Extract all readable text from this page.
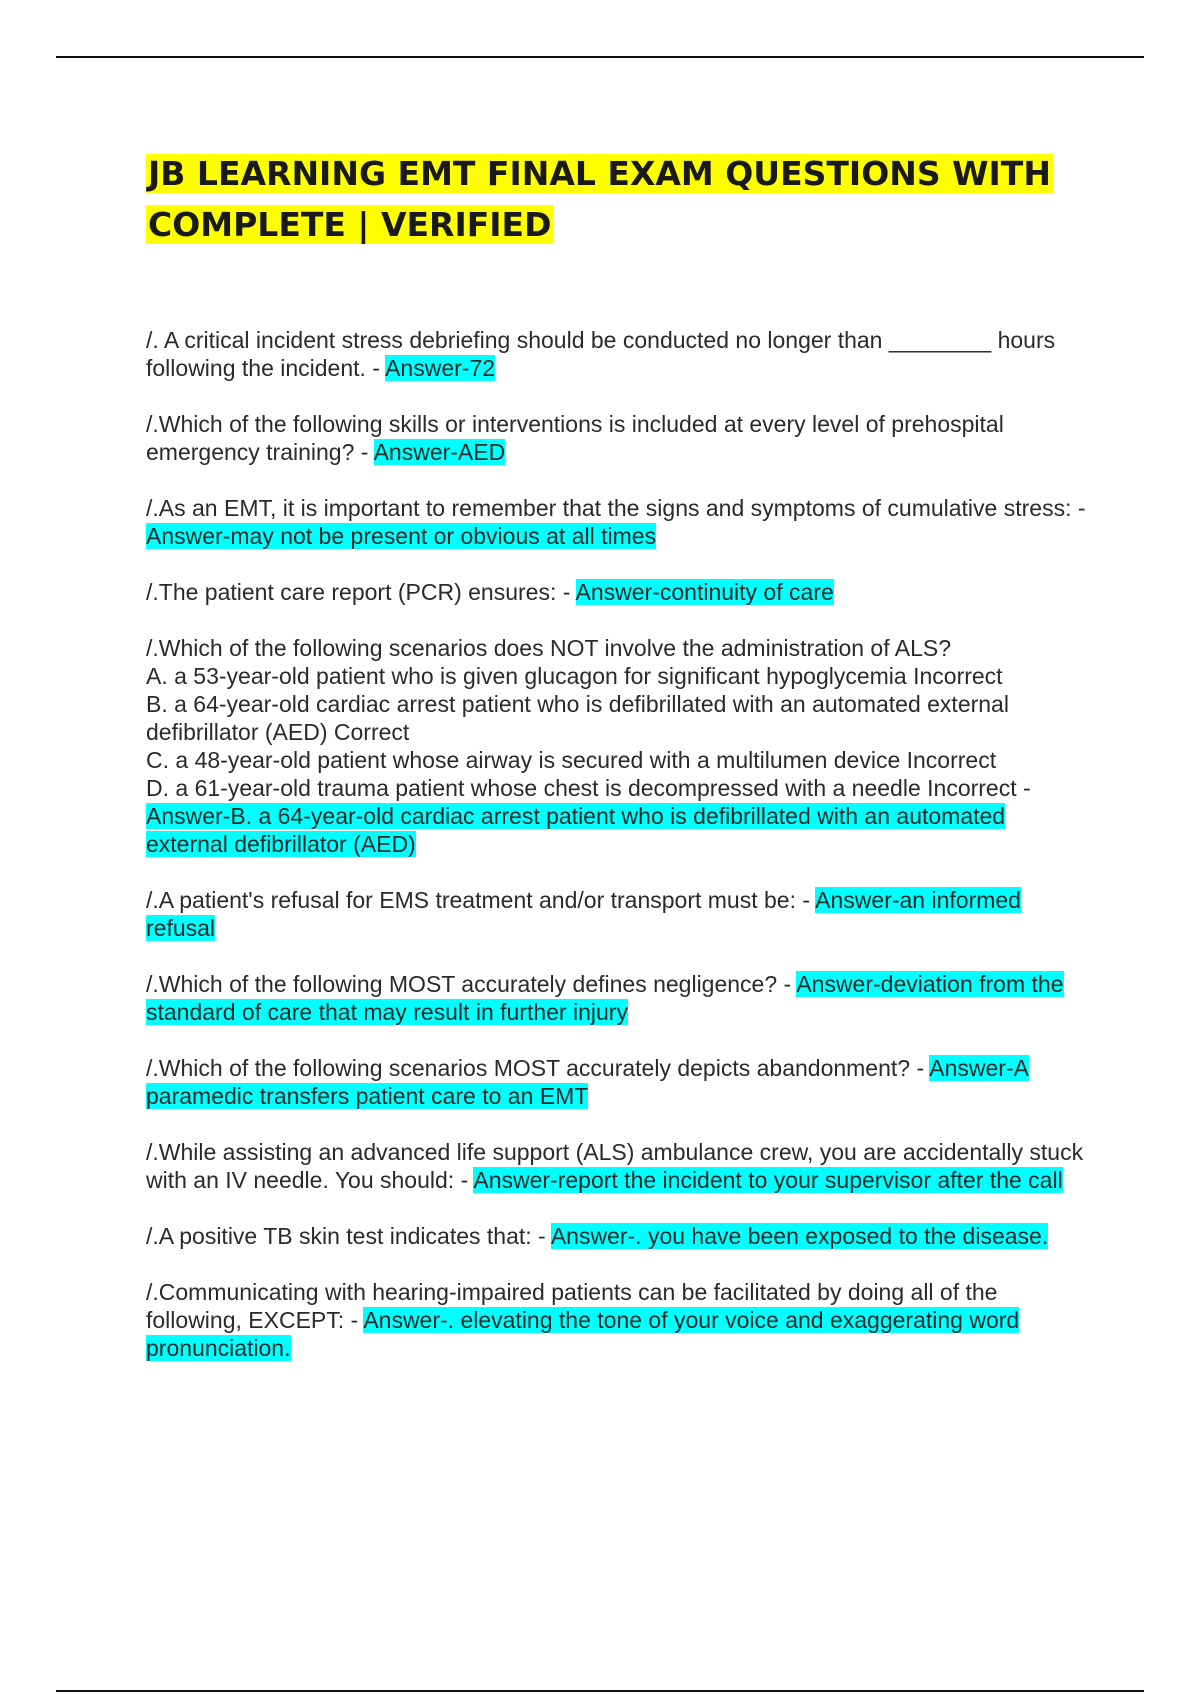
JB LEARNING EMT FINAL EXAM QUESTIONS WITH COMPLETE | VERIFIED

/. A critical incident stress debriefing should be conducted no longer than ________ hours following the incident. - Answer-72

/.Which of the following skills or interventions is included at every level of prehospital emergency training? - Answer-AED

/.As an EMT, it is important to remember that the signs and symptoms of cumulative stress: - Answer-may not be present or obvious at all times

/.The patient care report (PCR) ensures: - Answer-continuity of care

/.Which of the following scenarios does NOT involve the administration of ALS?
A. a 53-year-old patient who is given glucagon for significant hypoglycemia Incorrect
B. a 64-year-old cardiac arrest patient who is defibrillated with an automated external defibrillator (AED) Correct
C. a 48-year-old patient whose airway is secured with a multilumen device Incorrect
D. a 61-year-old trauma patient whose chest is decompressed with a needle Incorrect - Answer-B. a 64-year-old cardiac arrest patient who is defibrillated with an automated external defibrillator (AED)

/.A patient's refusal for EMS treatment and/or transport must be: - Answer-an informed refusal

/.Which of the following MOST accurately defines negligence? - Answer-deviation from the standard of care that may result in further injury

/.Which of the following scenarios MOST accurately depicts abandonment? - Answer-A paramedic transfers patient care to an EMT

/.While assisting an advanced life support (ALS) ambulance crew, you are accidentally stuck with an IV needle. You should: - Answer-report the incident to your supervisor after the call

/.A positive TB skin test indicates that: - Answer-. you have been exposed to the disease.

/.Communicating with hearing-impaired patients can be facilitated by doing all of the following, EXCEPT: - Answer-. elevating the tone of your voice and exaggerating word pronunciation.
